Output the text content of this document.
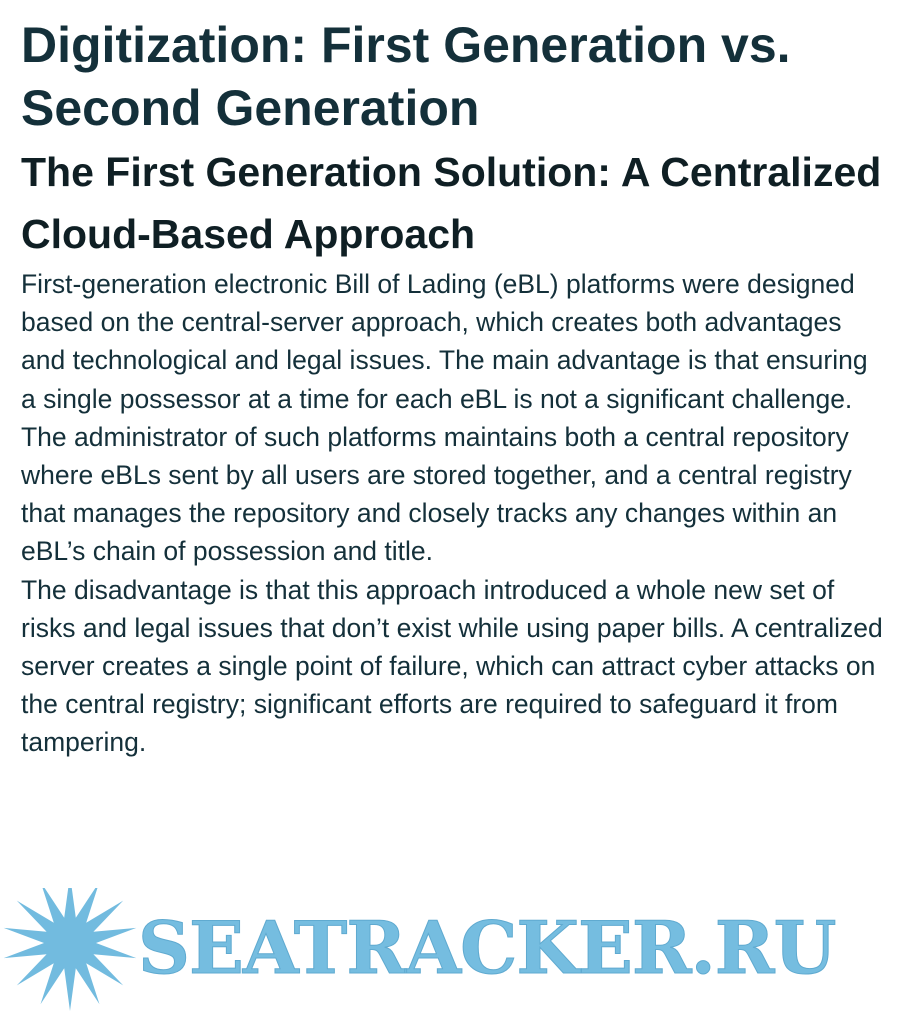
Digitization: First Generation vs. Second Generation
The First Generation Solution: A Centralized Cloud-Based Approach

First-generation electronic Bill of Lading (eBL) platforms were designed based on the central-server approach, which creates both advantages and technological and legal issues. The main advantage is that ensuring a single possessor at a time for each eBL is not a significant challenge. The administrator of such platforms maintains both a central repository where eBLs sent by all users are stored together, and a central registry that manages the repository and closely tracks any changes within an eBL’s chain of possession and title.

The disadvantage is that this approach introduced a whole new set of risks and legal issues that don’t exist while using paper bills. A centralized server creates a single point of failure, which can attract cyber attacks on the central registry; significant efforts are required to safeguard it from tampering.

SEATRACKER.RU
